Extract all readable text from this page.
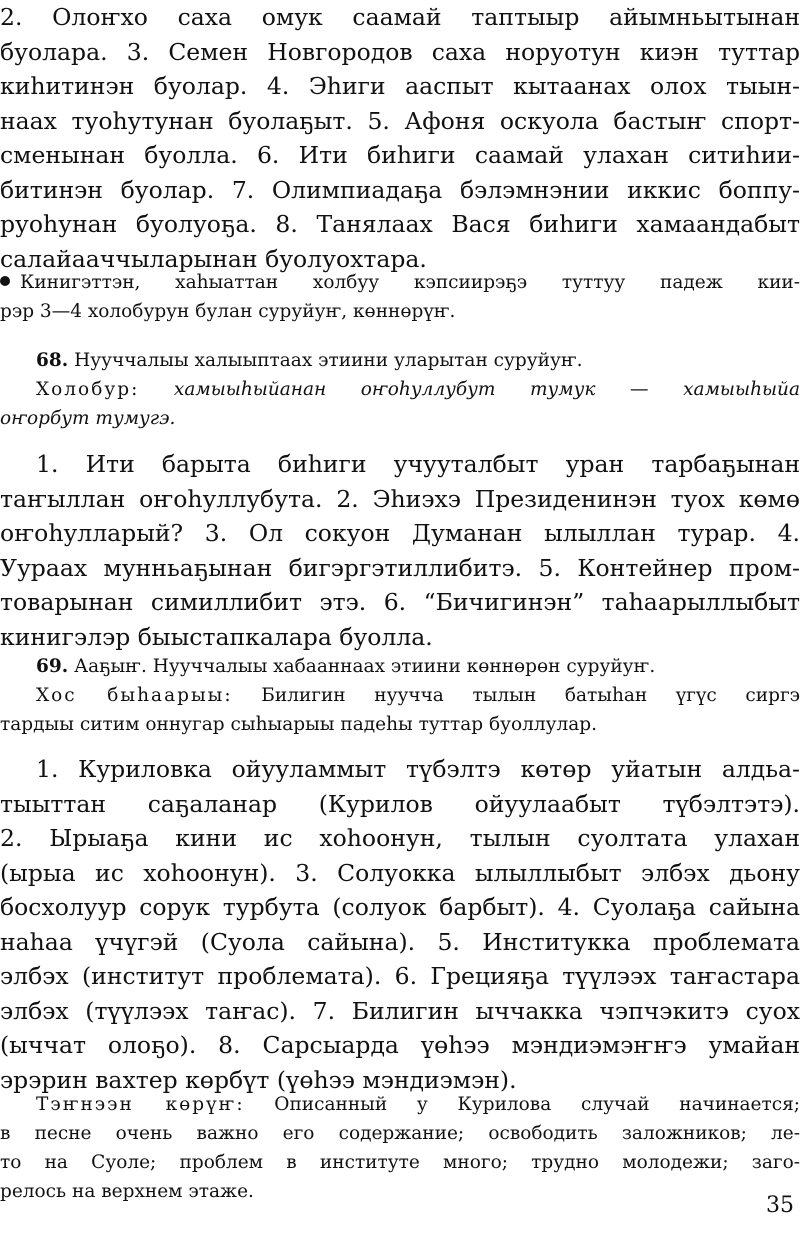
2. Олоҥхо саха омук саамай таптыыр айымньытынан
буолара. 3. Семен Новгородов саха норуотун киэн туттар
киһитинэн буолар. 4. Эһиги ааспыт кытаанах олох тыын-
наах туоһутунан буолаҕыт. 5. Афоня оскуола бастыҥ спорт-
сменынан буолла. 6. Ити биһиги саамай улахан ситиһии-
битинэн буолар. 7. Олимпиадаҕа бэлэмнэнии иккис боппу-
руоһунан буолуоҕа. 8. Танялаах Вася биһиги хамаандабыт
салайааччыларынан буолуохтара.
Кинигэттэн, хаһыаттан холбуу кэпсиирэҕэ туттуу падеж кии-
рэр 3—4 холобурун булан суруйуҥ, көннөрүҥ.
68. Нууччалыы халыыптаах этиини уларытан суруйуҥ.
Холобур: хамыыһыйанан оҥоһуллубут тумук — хамыыһыйа
оҥорбут тумугэ.
1. Ити барыта биһиги учууталбыт уран тарбаҕынан
таҥыллан оҥоһуллубута. 2. Эһиэхэ Президенинэн туох көмө
оҥоһулларый? 3. Ол сокуон Думанан ылыллан турар. 4.
Уураах мунньаҕынан бигэргэтиллибитэ. 5. Контейнер пром-
товарынан симиллибит этэ. 6. “Бичигинэн” таһаарыллыбыт
кинигэлэр быыстапкалара буолла.
69. Ааҕыҥ. Нууччалыы хабааннаах этиини көннөрөн суруйуҥ.
Хос быһаарыы: Билигин нуучча тылын батыһан үгүс сиргэ
тардыы ситим оннугар сыһыарыы падеһы туттар буоллулар.
1. Куриловка ойууламмыт түбэлтэ көтөр уйатын алдьа-
тыыттан саҕаланар (Курилов ойуулаабыт түбэлтэтэ).
2. Ырыаҕа кини ис хоһоонун, тылын суолтата улахан
(ырыа ис хоһоонун). 3. Солуокка ылыллыбыт элбэх дьону
босхолуур сорук турбута (солуок барбыт). 4. Суолаҕа сайына
наһаа үчүгэй (Суола сайына). 5. Институкка проблемата
элбэх (институт проблемата). 6. Грецияҕа түүлээх таҥастара
элбэх (түүлээх таҥас). 7. Билигин ыччакка чэпчэкитэ суох
(ыччат олоҕо). 8. Сарсыарда үөһээ мэндиэмэҥҥэ умайан
эрэрин вахтер көрбүт (үөһээ мэндиэмэн).
Тэҥнээн көрүҥ: Описанный у Курилова случай начинается;
в песне очень важно его содержание; освободить заложников; ле-
то на Суоле; проблем в институте много; трудно молодежи; заго-
релось на верхнем этаже.
35
